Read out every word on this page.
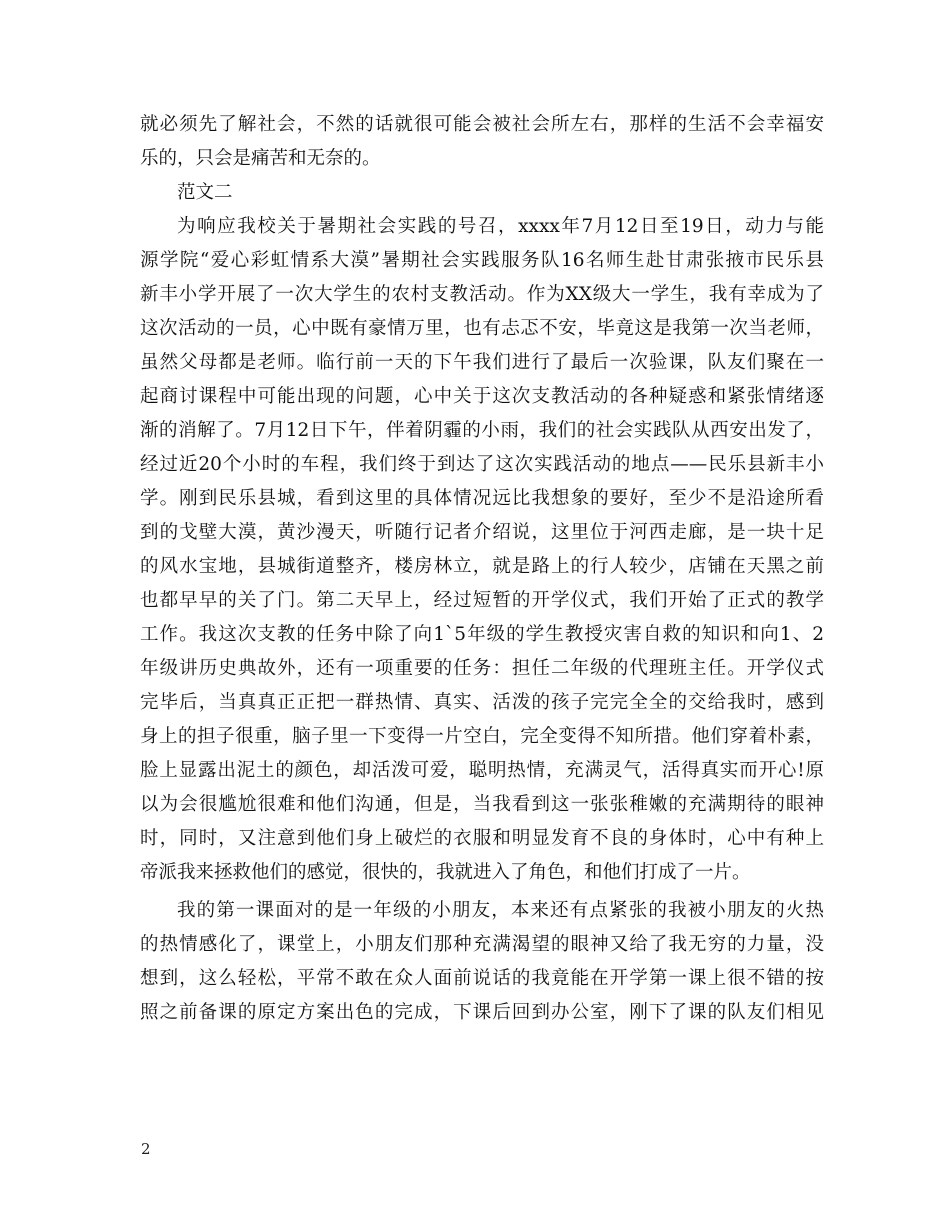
就必须先了解社会，不然的话就很可能会被社会所左右，那样的生活不会幸福安
乐的，只会是痛苦和无奈的。
范文二
为响应我校关于暑期社会实践的号召，xxxx年7月12日至19日，动力与能
源学院“爱心彩虹情系大漠”暑期社会实践服务队16名师生赴甘肃张掖市民乐县
新丰小学开展了一次大学生的农村支教活动。作为XX级大一学生，我有幸成为了
这次活动的一员，心中既有豪情万里，也有忐忑不安，毕竟这是我第一次当老师，
虽然父母都是老师。临行前一天的下午我们进行了最后一次验课，队友们聚在一
起商讨课程中可能出现的问题，心中关于这次支教活动的各种疑惑和紧张情绪逐
渐的消解了。7月12日下午，伴着阴霾的小雨，我们的社会实践队从西安出发了，
经过近20个小时的车程，我们终于到达了这次实践活动的地点——民乐县新丰小
学。刚到民乐县城，看到这里的具体情况远比我想象的要好，至少不是沿途所看
到的戈壁大漠，黄沙漫天，听随行记者介绍说，这里位于河西走廊，是一块十足
的风水宝地，县城街道整齐，楼房林立，就是路上的行人较少，店铺在天黑之前
也都早早的关了门。第二天早上，经过短暂的开学仪式，我们开始了正式的教学
工作。我这次支教的任务中除了向1`5年级的学生教授灾害自救的知识和向1、2
年级讲历史典故外，还有一项重要的任务：担任二年级的代理班主任。开学仪式
完毕后，当真真正正把一群热情、真实、活泼的孩子完完全全的交给我时，感到
身上的担子很重，脑子里一下变得一片空白，完全变得不知所措。他们穿着朴素，
脸上显露出泥土的颜色，却活泼可爱，聪明热情，充满灵气，活得真实而开心!原
以为会很尴尬很难和他们沟通，但是，当我看到这一张张稚嫩的充满期待的眼神
时，同时，又注意到他们身上破烂的衣服和明显发育不良的身体时，心中有种上
帝派我来拯救他们的感觉，很快的，我就进入了角色，和他们打成了一片。
我的第一课面对的是一年级的小朋友，本来还有点紧张的我被小朋友的火热
的热情感化了，课堂上，小朋友们那种充满渴望的眼神又给了我无穷的力量，没
想到，这么轻松，平常不敢在众人面前说话的我竟能在开学第一课上很不错的按
照之前备课的原定方案出色的完成，下课后回到办公室，刚下了课的队友们相见
2
